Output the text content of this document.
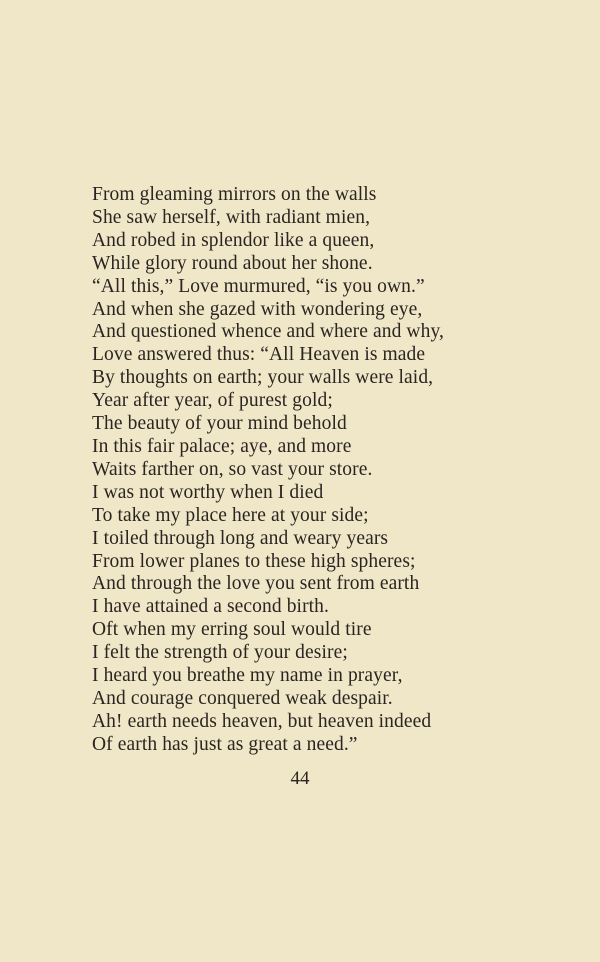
From gleaming mirrors on the walls
She saw herself, with radiant mien,
And robed in splendor like a queen,
While glory round about her shone.
“All this,” Love murmured, “is you own.”
And when she gazed with wondering eye,
And questioned whence and where and why,
Love answered thus: “All Heaven is made
By thoughts on earth; your walls were laid,
Year after year, of purest gold;
The beauty of your mind behold
In this fair palace; aye, and more
Waits farther on, so vast your store.
I was not worthy when I died
To take my place here at your side;
I toiled through long and weary years
From lower planes to these high spheres;
And through the love you sent from earth
I have attained a second birth.
Oft when my erring soul would tire
I felt the strength of your desire;
I heard you breathe my name in prayer,
And courage conquered weak despair.
Ah! earth needs heaven, but heaven indeed
Of earth has just as great a need.”
44
